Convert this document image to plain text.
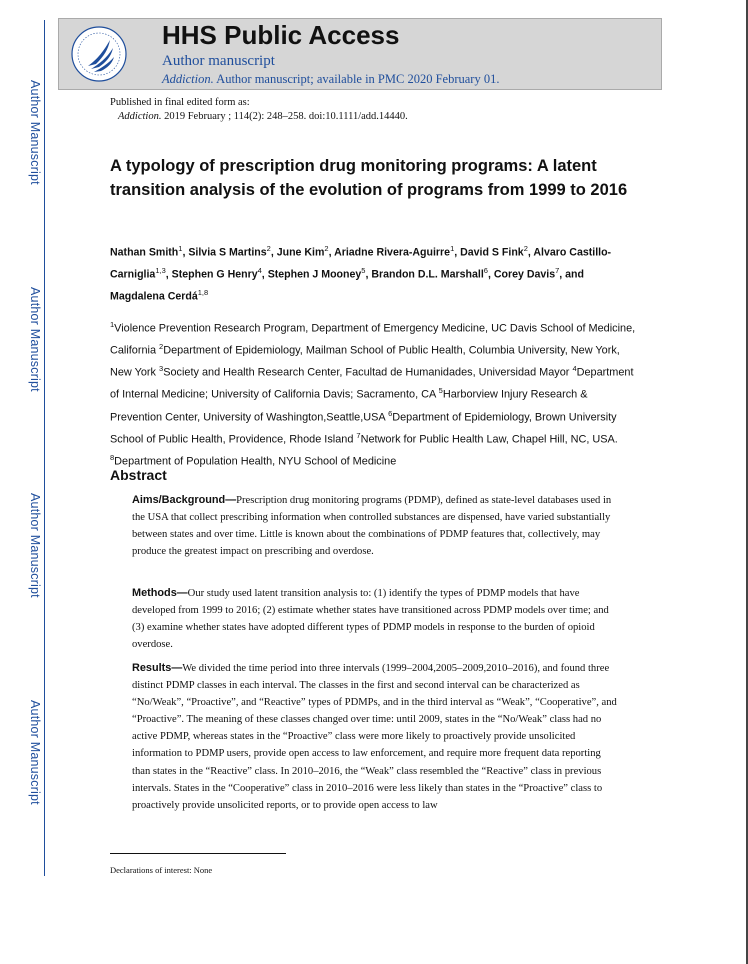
Author Manuscript
Author Manuscript
Author Manuscript
Author Manuscript
HHS Public Access
Author manuscript
Addiction. Author manuscript; available in PMC 2020 February 01.
Published in final edited form as:
Addiction. 2019 February ; 114(2): 248–258. doi:10.1111/add.14440.
A typology of prescription drug monitoring programs: A latent transition analysis of the evolution of programs from 1999 to 2016
Nathan Smith$^1$, Silvia S Martins$^2$, June Kim$^2$, Ariadne Rivera-Aguirre$^1$, David S Fink$^2$, Alvaro Castillo-Carniglia$^{1,3}$, Stephen G Henry$^4$, Stephen J Mooney$^5$, Brandon D.L. Marshall$^6$, Corey Davis$^7$, and Magdalena Cerdá$^{1,8}$
$^1$Violence Prevention Research Program, Department of Emergency Medicine, UC Davis School of Medicine, California $^2$Department of Epidemiology, Mailman School of Public Health, Columbia University, New York, New York $^3$Society and Health Research Center, Facultad de Humanidades, Universidad Mayor $^4$Department of Internal Medicine; University of California Davis; Sacramento, CA $^5$Harborview Injury Research & Prevention Center, University of Washington,Seattle,USA $^6$Department of Epidemiology, Brown University School of Public Health, Providence, Rhode Island $^7$Network for Public Health Law, Chapel Hill, NC, USA. $^8$Department of Population Health, NYU School of Medicine
Abstract
Aims/Background—Prescription drug monitoring programs (PDMP), defined as state-level databases used in the USA that collect prescribing information when controlled substances are dispensed, have varied substantially between states and over time. Little is known about the combinations of PDMP features that, collectively, may produce the greatest impact on prescribing and overdose.
Methods—Our study used latent transition analysis to: (1) identify the types of PDMP models that have developed from 1999 to 2016; (2) estimate whether states have transitioned across PDMP models over time; and (3) examine whether states have adopted different types of PDMP models in response to the burden of opioid overdose.
Results—We divided the time period into three intervals (1999–2004,2005–2009,2010–2016), and found three distinct PDMP classes in each interval. The classes in the first and second interval can be characterized as “No/Weak”, “Proactive”, and “Reactive” types of PDMPs, and in the third interval as “Weak”, “Cooperative”, and “Proactive”. The meaning of these classes changed over time: until 2009, states in the “No/Weak” class had no active PDMP, whereas states in the “Proactive” class were more likely to proactively provide unsolicited information to PDMP users, provide open access to law enforcement, and require more frequent data reporting than states in the “Reactive” class. In 2010–2016, the “Weak” class resembled the “Reactive” class in previous intervals. States in the “Cooperative” class in 2010–2016 were less likely than states in the “Proactive” class to proactively provide unsolicited reports, or to provide open access to law
Declarations of interest: None
